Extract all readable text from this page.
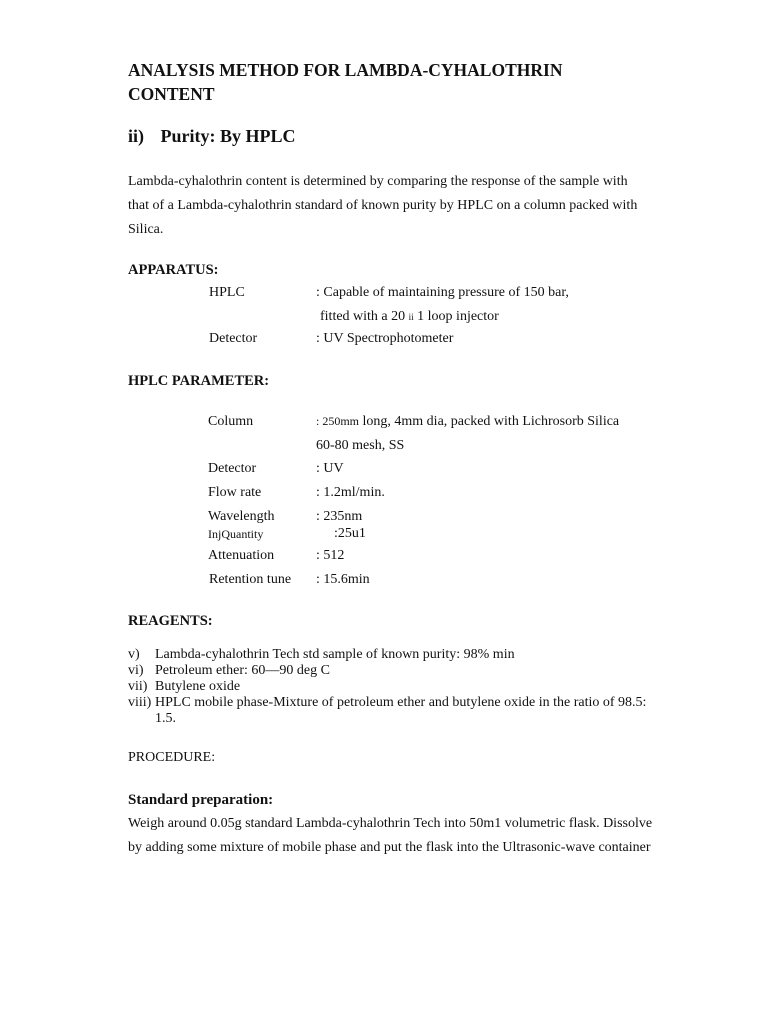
ANALYSIS METHOD FOR LAMBDA-CYHALOTHRIN CONTENT
ii) Purity: By HPLC
Lambda-cyhalothrin content is determined by comparing the response of the sample with that of a Lambda-cyhalothrin standard of known purity by HPLC on a column packed with Silica.
APPARATUS:
HPLC	: Capable of maintaining pressure of 150 bar,
fitted with a 20 ii 1 loop injector
Detector	: UV Spectrophotometer
HPLC PARAMETER:
Column	: 250mm long, 4mm dia, packed with Lichrosorb Silica
60-80 mesh, SS
Detector	: UV
Flow rate	: 1.2ml/min.
Wavelength	: 235nm
InjQuantity	:25u1
Attenuation	: 512
Retention tune : 15.6min
REAGENTS:
v)	Lambda-cyhalothrin Tech std sample of known purity: 98% min
vi) Petroleum ether: 60—90 deg C
vii) Butylene oxide
viii) HPLC mobile phase-Mixture of petroleum ether and butylene oxide in the ratio of 98.5: 1.5.
PROCEDURE:
Standard preparation:
Weigh around 0.05g standard Lambda-cyhalothrin Tech into 50m1 volumetric flask. Dissolve by adding some mixture of mobile phase and put the flask into the Ultrasonic-wave container
